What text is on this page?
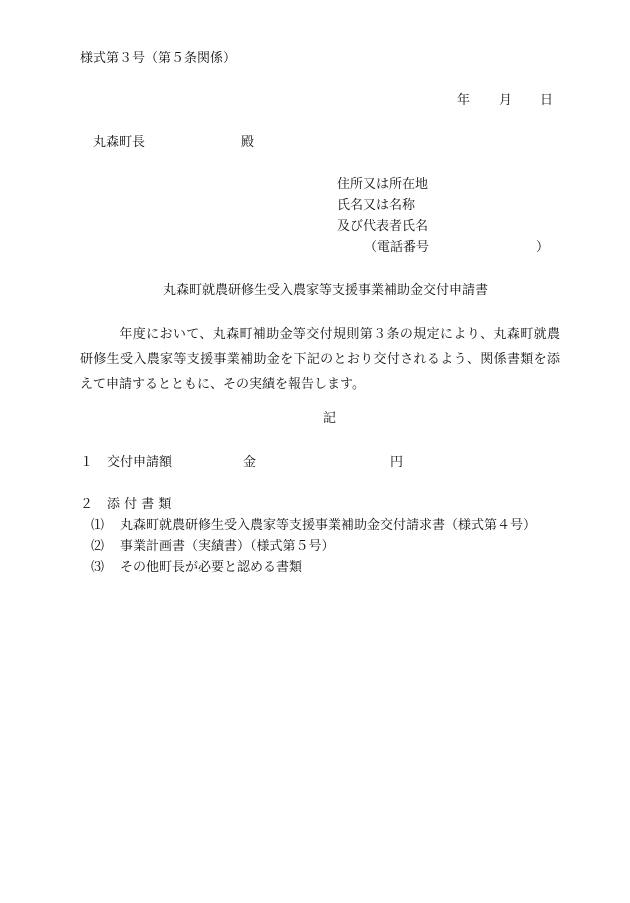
様式第３号（第５条関係）
年 月 日
丸森町長	殿
住所又は所在地
氏名又は名称
及び代表者氏名
（電話番号	）
丸森町就農研修生受入農家等支援事業補助金交付申請書
年度において、丸森町補助金等交付規則第３条の規定により、丸森町就農研修生受入農家等支援事業補助金を下記のとおり交付されるよう、関係書類を添えて申請するとともに、その実績を報告します。
記
１ 交付申請額	金	円
２ 添 付 書 類
⑴ 丸森町就農研修生受入農家等支援事業補助金交付請求書（様式第４号）
⑵ 事業計画書（実績書）（様式第５号）
⑶ その他町長が必要と認める書類
